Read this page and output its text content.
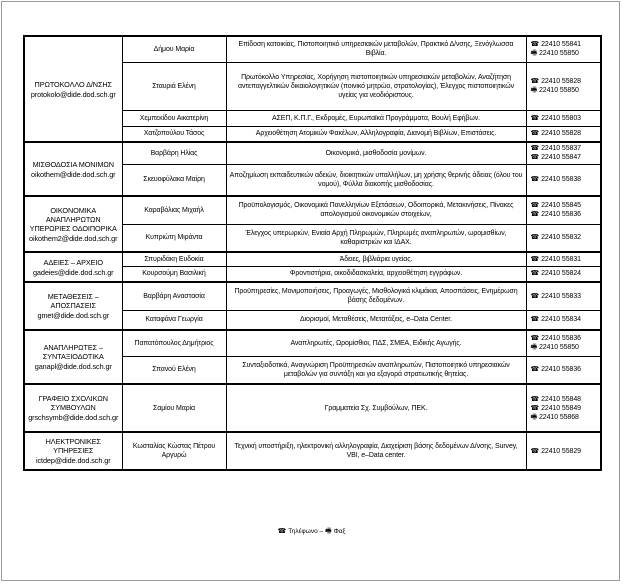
ΠΡΩΤΟΚΟΛΛΟ Δ/ΝΣΗΣ
protokolo@dide.dod.sch.gr	Δήμου Μαρία	Επίδοση κατοικίας, Πιστοποιητικό υπηρεσιακών μεταβολών, Πρακτικό Δ/νσης, Ξενόγλωσσα Βιβλία.	☎ 22410 55841
🖷 22410 55850

	Σταυριά Ελένη	Πρωτόκολλο Υπηρεσίας, Χορήγηση πιστοποιητικών υπηρεσιακών μεταβολών, Αναζήτηση αντεπαγγελτικών δικαιολογητικών (ποινικό μητρώο, στρατολογίας), Έλεγχος πιστοποιητικών υγείας για νεοδιόριστους.	☎ 22410 55828
🖷 22410 55850

	Χεμπεκίδου Αικατερίνη	ΑΣΕΠ, Κ.Π.Γ., Εκδρομές, Ευρωπαϊκά Προγράμματα, Βουλή Εφήβων.	☎ 22410 55803

	Χατζοπούλου Τάσος	Αρχειοθέτηση Ατομικών Φακέλων, Αλληλογραφία, Διανομή Βιβλίων, Επιστάσεις.	☎ 22410 55828

ΜΙΣΘΟΔΟΣΙΑ ΜΟΝΙΜΩΝ
oikothem@dide.dod.sch.gr	Βαρβάρη Ηλίας	Οικονομικά, μισθοδοσία μονίμων.	☎ 22410 55837
☎ 22410 55847

	Σκευοφύλακα Μαίρη	Αποζημίωση εκπαιδευτικών αδειών, διοικητικών υπαλλήλων, μη χρήσης θερινής άδειας (όλου του νομού), Φύλλα διακοπής μισθοδοσίας.	☎ 22410 55838

ΟΙΚΟΝΟΜΙΚΑ ΑΝΑΠΛΗΡΩΤΩΝ ΥΠΕΡΩΡΙΕΣ ΟΔΟΙΠΟΡΙΚΑ
oikothem2@dide.dod.sch.gr	Καραβόλιας Μιχαήλ	Προϋπολογισμός, Οικονομικά Πανελληνίων Εξετάσεων, Οδοιπορικά, Μετακινήσεις, Πίνακες απολογισμού οικονομικών στοιχείων,	☎ 22410 55845
☎ 22410 55836

	Κυπριώτη Μιράντα	Έλεγχος υπερωριών, Ενιαία Αρχή Πληρωμών, Πληρωμές αναπληρωτών, ωρομισθίων, καθαριστριών και ΙΔΑΧ.	☎ 22410 55832

ΑΔΕΙΕΣ – ΑΡΧΕΙΟ
gadeies@dide.dod.sch.gr	Σπυριδάκη Ευδοκία	Άδειες, βιβλιάρια υγείας.	☎ 22410 55831

	Κουρσούμη Βασιλική	Φροντιστήρια, οικοδιδασκαλεία, αρχειοθέτηση εγγράφων.	☎ 22410 55824

ΜΕΤΑΘΕΣΕΙΣ – ΑΠΟΣΠΑΣΕΙΣ
gmet@dide.dod.sch.gr	Βαρβάρη Αναστασία	Προϋπηρεσίες, Μονιμοποιήσεις, Προαγωγές, Μισθολογικά κλιμάκια, Αποσπάσεις, Ενημέρωση βάσης δεδομένων.	☎ 22410 55833

	Καταφάνα Γεωργία	Διορισμοί, Μεταθέσεις, Μετατάξεις, e–Data Center.	☎ 22410 55834

ΑΝΑΠΛΗΡΩΤΕΣ – ΣΥΝΤΑΞΙΟΔΟΤΙΚΑ
ganapl@dide.dod.sch.gr	Παπατόπουλος Δημήτριος	Αναπληρωτές, Ωρομίσθιοι, ΠΔΣ, ΣΜΕΑ, Ειδικής Αγωγής.	☎ 22410 55836
🖷 22410 55850

	Σπανού Ελένη	Συνταξιοδοτικά, Αναγνώριση Προϋπηρεσιών αναπληρωτών, Πιστοποιητικό υπηρεσιακών μεταβολών για συντάξη και για εξαγορά στρατιωτικής θητείας.	☎ 22410 55836

ΓΡΑΦΕΙΟ ΣΧΟΛΙΚΩΝ ΣΥΜΒΟΥΛΩΝ
grschsymb@dide.dod.sch.gr	Σαμίου Μαρία	Γραμματεία Σχ. Συμβούλων, ΠΕΚ.	☎ 22410 55848
☎ 22410 55849
🖷 22410 55868

ΗΛΕΚΤΡΟΝΙΚΕΣ ΥΠΗΡΕΣΙΕΣ
ictdep@dide.dod.sch.gr	Κωσταλίας Κώστας Πέτρου Αργυρώ	Τεχνική υποστήριξη, ηλεκτρονική αλληλογραφία, Διαχείριση βάσης δεδομένων Δ/νσης, Survey, VBI, e–Data center.	☎ 22410 55829
☎ Τηλέφωνο – 🖷 Φαξ
